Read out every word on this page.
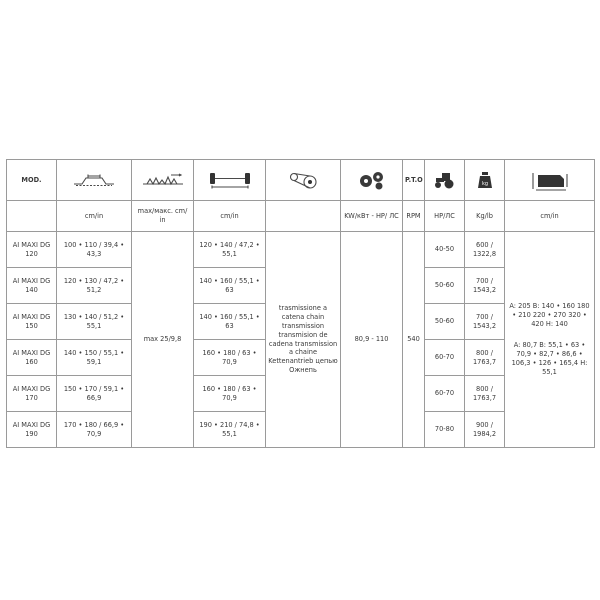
MOD.						P.T.O		kg

	cm/in	max/макс. cm/ in	cm/in		KW/кВт - HP/ ЛС	RPM	HP/ЛС	Kg/lb	cm/in
AI MAXI DG 120	100 • 110 / 39,4 • 43,3	max 25/9,8	120 • 140 / 47,2 • 55,1	trasmissione a catena chain transmission transmision de cadena transmission a chaine Kettenantrieb цепью Ожнепь	80,9 - 110	540	40-50	600 / 1322,8	A: 205 B: 140 • 160 180 • 210 220 • 270 320 • 420 H: 140
A: 80,7 B: 55,1 • 63 • 70,9 • 82,7 • 86,6 • 106,3 • 126 • 165,4 H: 55,1

AI MAXI DG 140	120 • 130 / 47,2 • 51,2		140 • 160 / 55,1 • 63				50-60	700 / 1543,2	
AI MAXI DG 150	130 • 140 / 51,2 • 55,1		140 • 160 / 55,1 • 63				50-60	700 / 1543,2	
AI MAXI DG 160	140 • 150 / 55,1 • 59,1		160 • 180 / 63 • 70,9				60-70	800 / 1763,7	
AI MAXI DG 170	150 • 170 / 59,1 • 66,9		160 • 180 / 63 • 70,9				60-70	800 / 1763,7	
AI MAXI DG 190	170 • 180 / 66,9 • 70,9		190 • 210 / 74,8 • 55,1				70-80	900 / 1984,2	
